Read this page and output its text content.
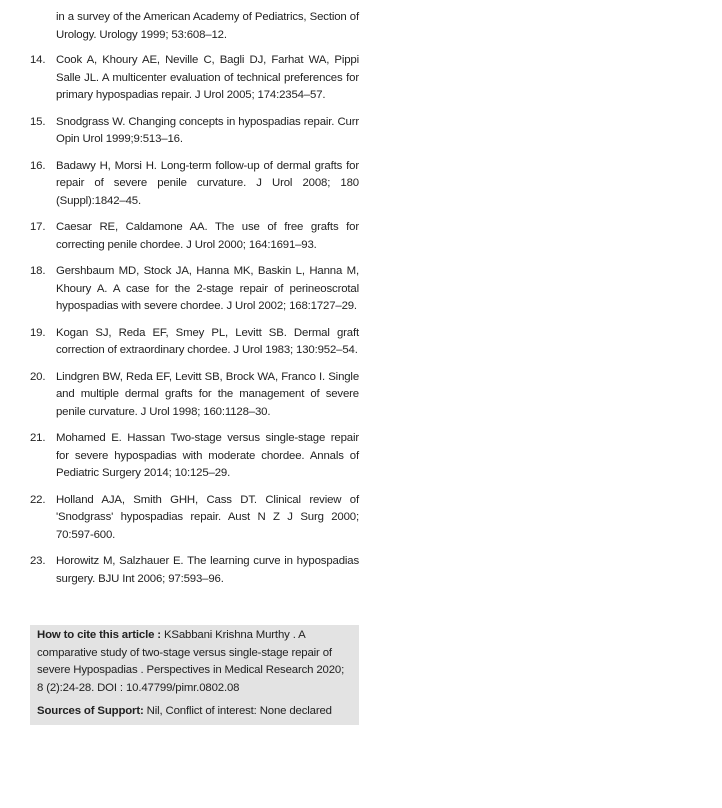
in a survey of the American Academy of Pediatrics, Section of Urology. Urology 1999; 53:608–12.
14. Cook A, Khoury AE, Neville C, Bagli DJ, Farhat WA, Pippi Salle JL. A multicenter evaluation of technical preferences for primary hypospadias repair. J Urol 2005; 174:2354–57.
15. Snodgrass W. Changing concepts in hypospadias repair. Curr Opin Urol 1999;9:513–16.
16. Badawy H, Morsi H. Long-term follow-up of dermal grafts for repair of severe penile curvature. J Urol 2008; 180 (Suppl):1842–45.
17. Caesar RE, Caldamone AA. The use of free grafts for correcting penile chordee. J Urol 2000; 164:1691–93.
18. Gershbaum MD, Stock JA, Hanna MK, Baskin L, Hanna M, Khoury A. A case for the 2-stage repair of perineoscrotal hypospadias with severe chordee. J Urol 2002; 168:1727–29.
19. Kogan SJ, Reda EF, Smey PL, Levitt SB. Dermal graft correction of extraordinary chordee. J Urol 1983; 130:952–54.
20. Lindgren BW, Reda EF, Levitt SB, Brock WA, Franco I. Single and multiple dermal grafts for the management of severe penile curvature. J Urol 1998; 160:1128–30.
21. Mohamed E. Hassan Two-stage versus single-stage repair for severe hypospadias with moderate chordee. Annals of Pediatric Surgery 2014; 10:125–29.
22. Holland AJA, Smith GHH, Cass DT. Clinical review of 'Snodgrass' hypospadias repair. Aust N Z J Surg 2000; 70:597-600.
23. Horowitz M, Salzhauer E. The learning curve in hypospadias surgery. BJU Int 2006; 97:593–96.

How to cite this article : KSabbani Krishna Murthy . A comparative study of two-stage versus single-stage repair of severe Hypospadias . Perspectives in Medical Research 2020; 8 (2):24-28. DOI : 10.47799/pimr.0802.08

Sources of Support: Nil, Conflict of interest: None declared
